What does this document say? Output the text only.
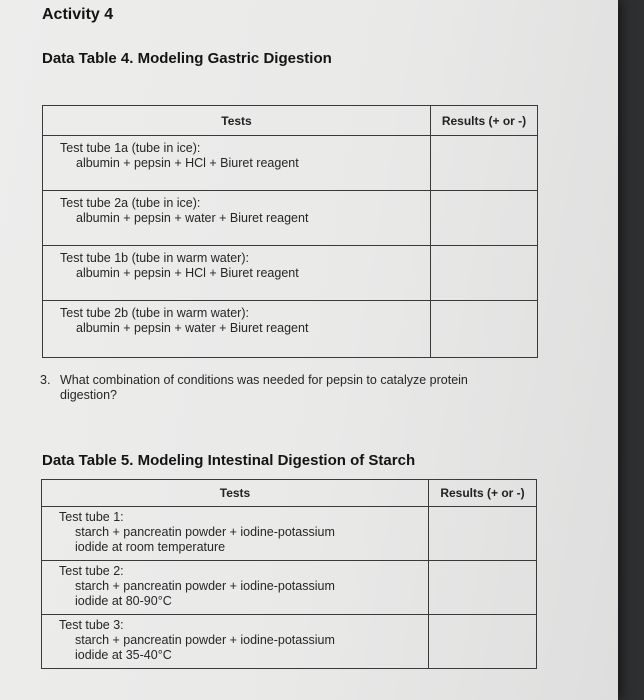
Activity 4
Data Table 4. Modeling Gastric Digestion
Tests	Results (+ or -)

Test tube 1a (tube in ice):
albumin + pepsin + HCl + Biuret reagent	

Test tube 2a (tube in ice):
albumin + pepsin + water + Biuret reagent	

Test tube 1b (tube in warm water):
albumin + pepsin + HCl + Biuret reagent	

Test tube 2b (tube in warm water):
albumin + pepsin + water + Biuret reagent	

3. What combination of conditions was needed for pepsin to catalyze protein
digestion?
Data Table 5. Modeling Intestinal Digestion of Starch
Tests	Results (+ or -)

Test tube 1:
starch + pancreatin powder + iodine-potassium
iodide at room temperature	

Test tube 2:
starch + pancreatin powder + iodine-potassium
iodide at 80-90°C	

Test tube 3:
starch + pancreatin powder + iodine-potassium
iodide at 35-40°C	
